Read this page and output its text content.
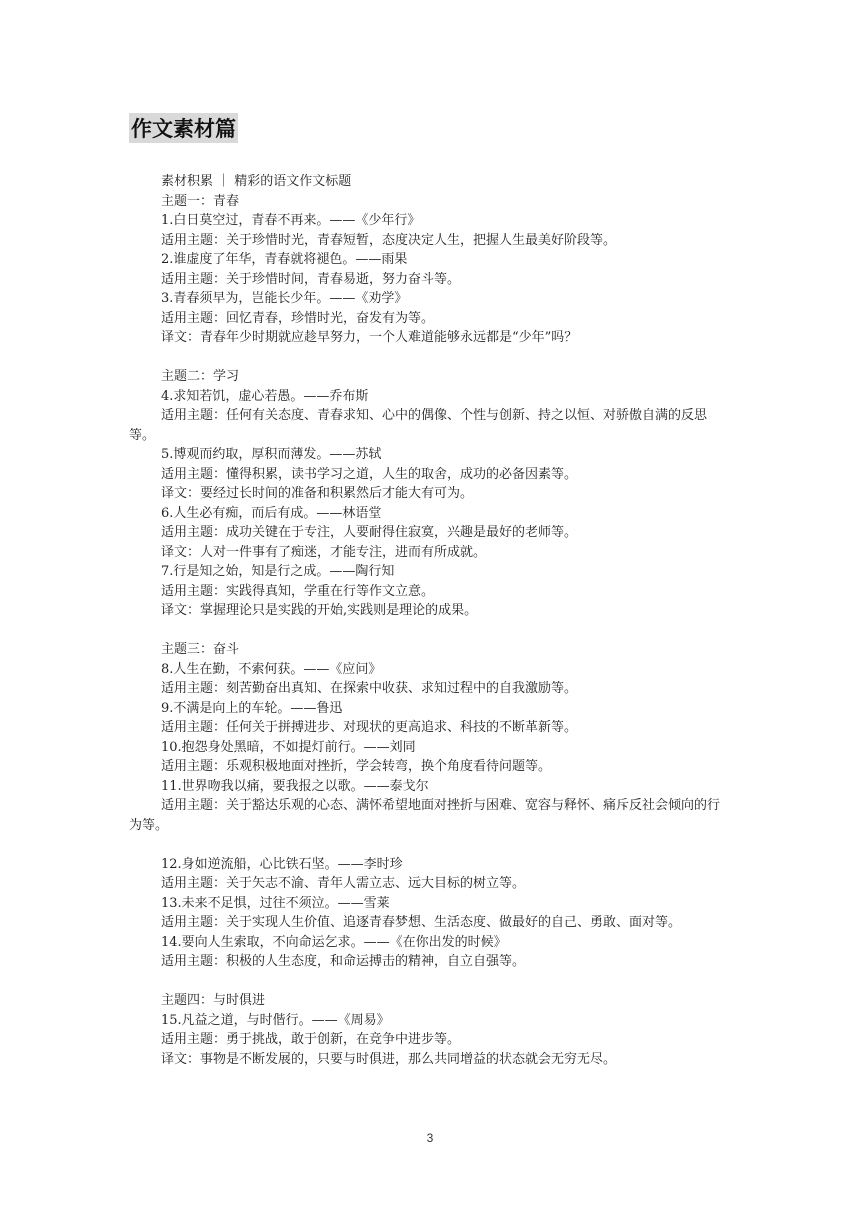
作文素材篇

素材积累 ｜ 精彩的语文作文标题

主题一：青春

1.白日莫空过，青春不再来。——《少年行》

适用主题：关于珍惜时光，青春短暂，态度决定人生，把握人生最美好阶段等。

2.谁虚度了年华，青春就将褪色。——雨果

适用主题：关于珍惜时间，青春易逝，努力奋斗等。

3.青春须早为，岂能长少年。——《劝学》

适用主题：回忆青春，珍惜时光，奋发有为等。

译文：青春年少时期就应趁早努力，一个人难道能够永远都是“少年”吗？

主题二：学习

4.求知若饥，虚心若愚。——乔布斯

适用主题：任何有关态度、青春求知、心中的偶像、个性与创新、持之以恒、对骄傲自满的反思等。

5.博观而约取，厚积而薄发。——苏轼

适用主题：懂得积累，读书学习之道，人生的取舍，成功的必备因素等。

译文：要经过长时间的准备和积累然后才能大有可为。

6.人生必有痴，而后有成。——林语堂

适用主题：成功关键在于专注，人要耐得住寂寞，兴趣是最好的老师等。

译文：人对一件事有了痴迷，才能专注，进而有所成就。

7.行是知之始，知是行之成。——陶行知

适用主题：实践得真知，学重在行等作文立意。

译文：掌握理论只是实践的开始,实践则是理论的成果。

主题三：奋斗

8.人生在勤，不索何获。——《应问》

适用主题：刻苦勤奋出真知、在探索中收获、求知过程中的自我激励等。

9.不满是向上的车轮。——鲁迅

适用主题：任何关于拼搏进步、对现状的更高追求、科技的不断革新等。

10.抱怨身处黑暗，不如提灯前行。——刘同

适用主题：乐观积极地面对挫折，学会转弯，换个角度看待问题等。

11.世界吻我以痛，要我报之以歌。——泰戈尔

适用主题：关于豁达乐观的心态、满怀希望地面对挫折与困难、宽容与释怀、痛斥反社会倾向的行为等。

12.身如逆流船，心比铁石坚。——李时珍

适用主题：关于矢志不渝、青年人需立志、远大目标的树立等。

13.未来不足惧，过往不须泣。——雪莱

适用主题：关于实现人生价值、追逐青春梦想、生活态度、做最好的自己、勇敢、面对等。

14.要向人生索取，不向命运乞求。——《在你出发的时候》

适用主题：积极的人生态度，和命运搏击的精神，自立自强等。

主题四：与时俱进

15.凡益之道，与时偕行。——《周易》

适用主题：勇于挑战，敢于创新，在竞争中进步等。

译文：事物是不断发展的，只要与时俱进，那么共同增益的状态就会无穷无尽。

3
